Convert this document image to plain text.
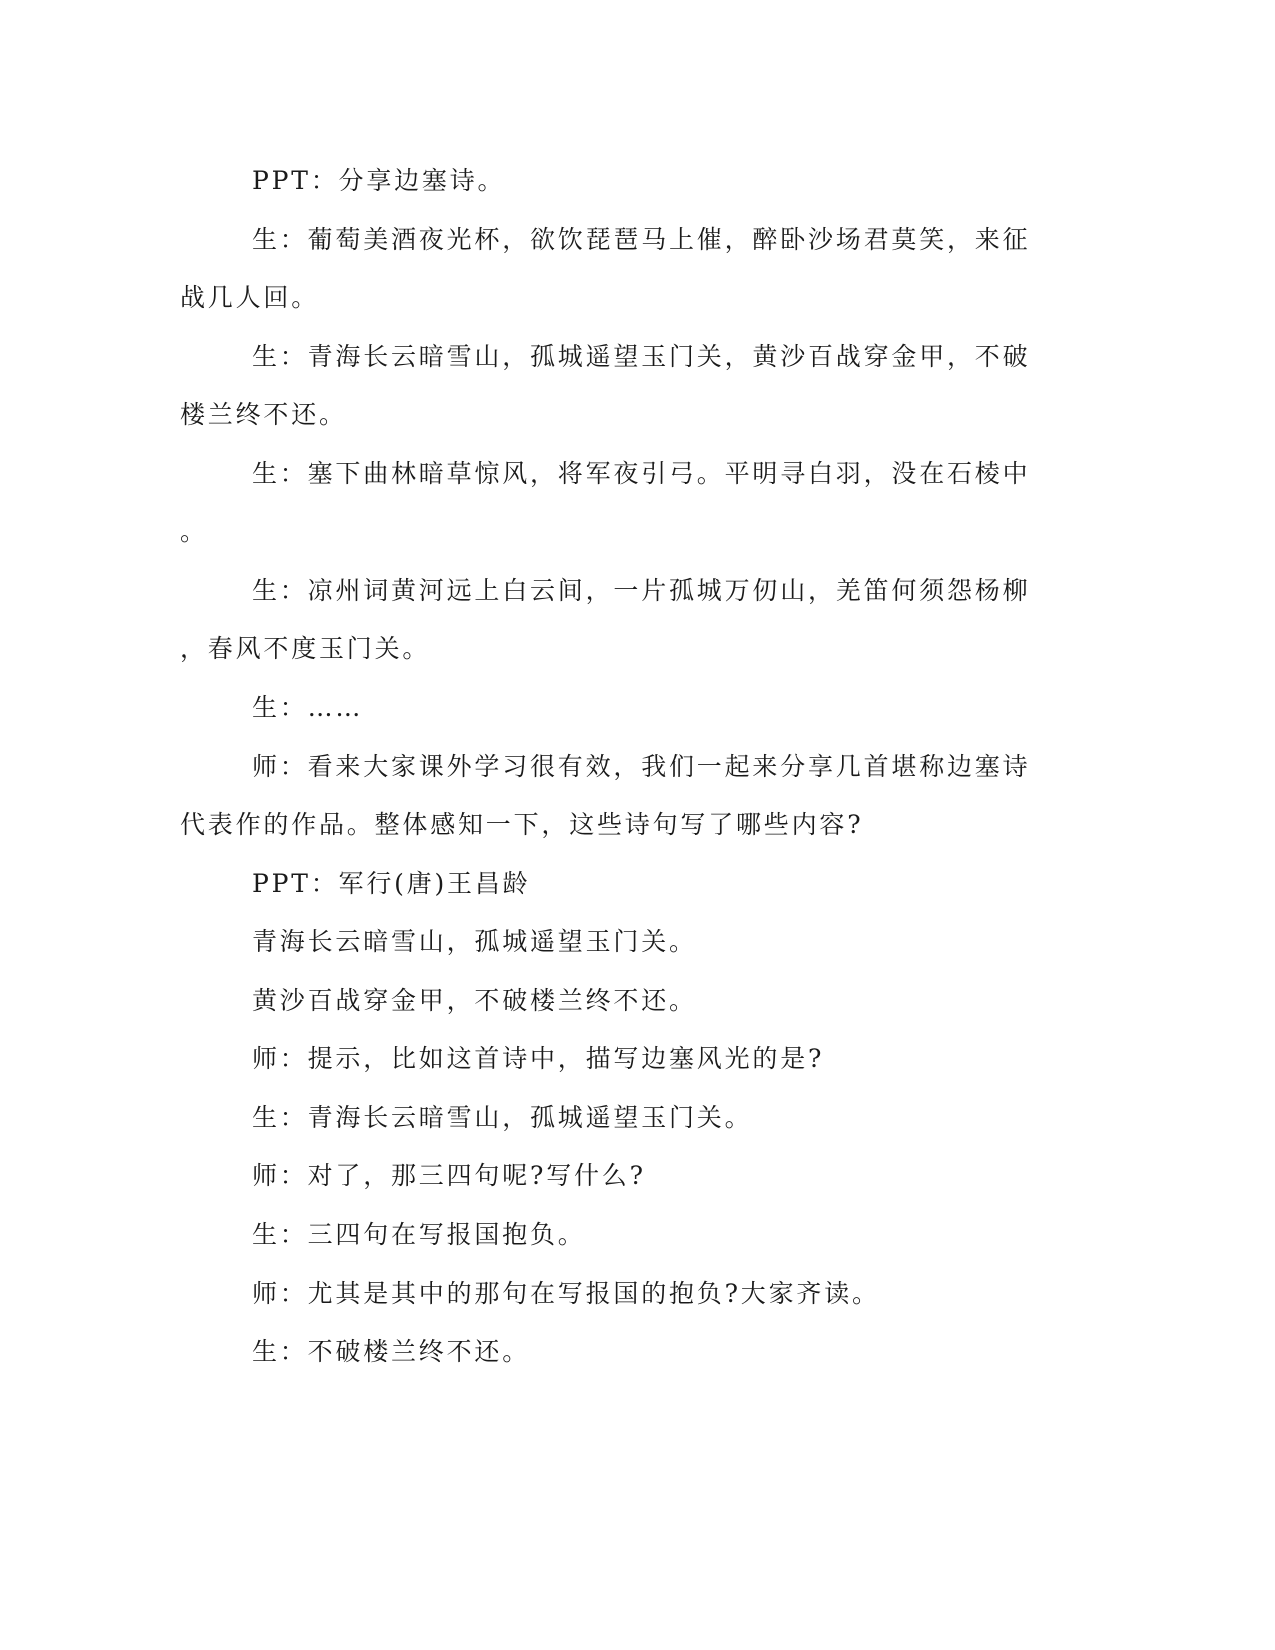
PPT：分享边塞诗。
生：葡萄美酒夜光杯，欲饮琵琶马上催，醉卧沙场君莫笑，来征
战几人回。
生：青海长云暗雪山，孤城遥望玉门关，黄沙百战穿金甲，不破
楼兰终不还。
生：塞下曲林暗草惊风，将军夜引弓。平明寻白羽，没在石棱中
。
生：凉州词黄河远上白云间，一片孤城万仞山，羌笛何须怨杨柳
，春风不度玉门关。
生：……
师：看来大家课外学习很有效，我们一起来分享几首堪称边塞诗
代表作的作品。整体感知一下，这些诗句写了哪些内容?
PPT：军行(唐)王昌龄
青海长云暗雪山，孤城遥望玉门关。
黄沙百战穿金甲，不破楼兰终不还。
师：提示，比如这首诗中，描写边塞风光的是?
生：青海长云暗雪山，孤城遥望玉门关。
师：对了，那三四句呢?写什么?
生：三四句在写报国抱负。
师：尤其是其中的那句在写报国的抱负?大家齐读。
生：不破楼兰终不还。
